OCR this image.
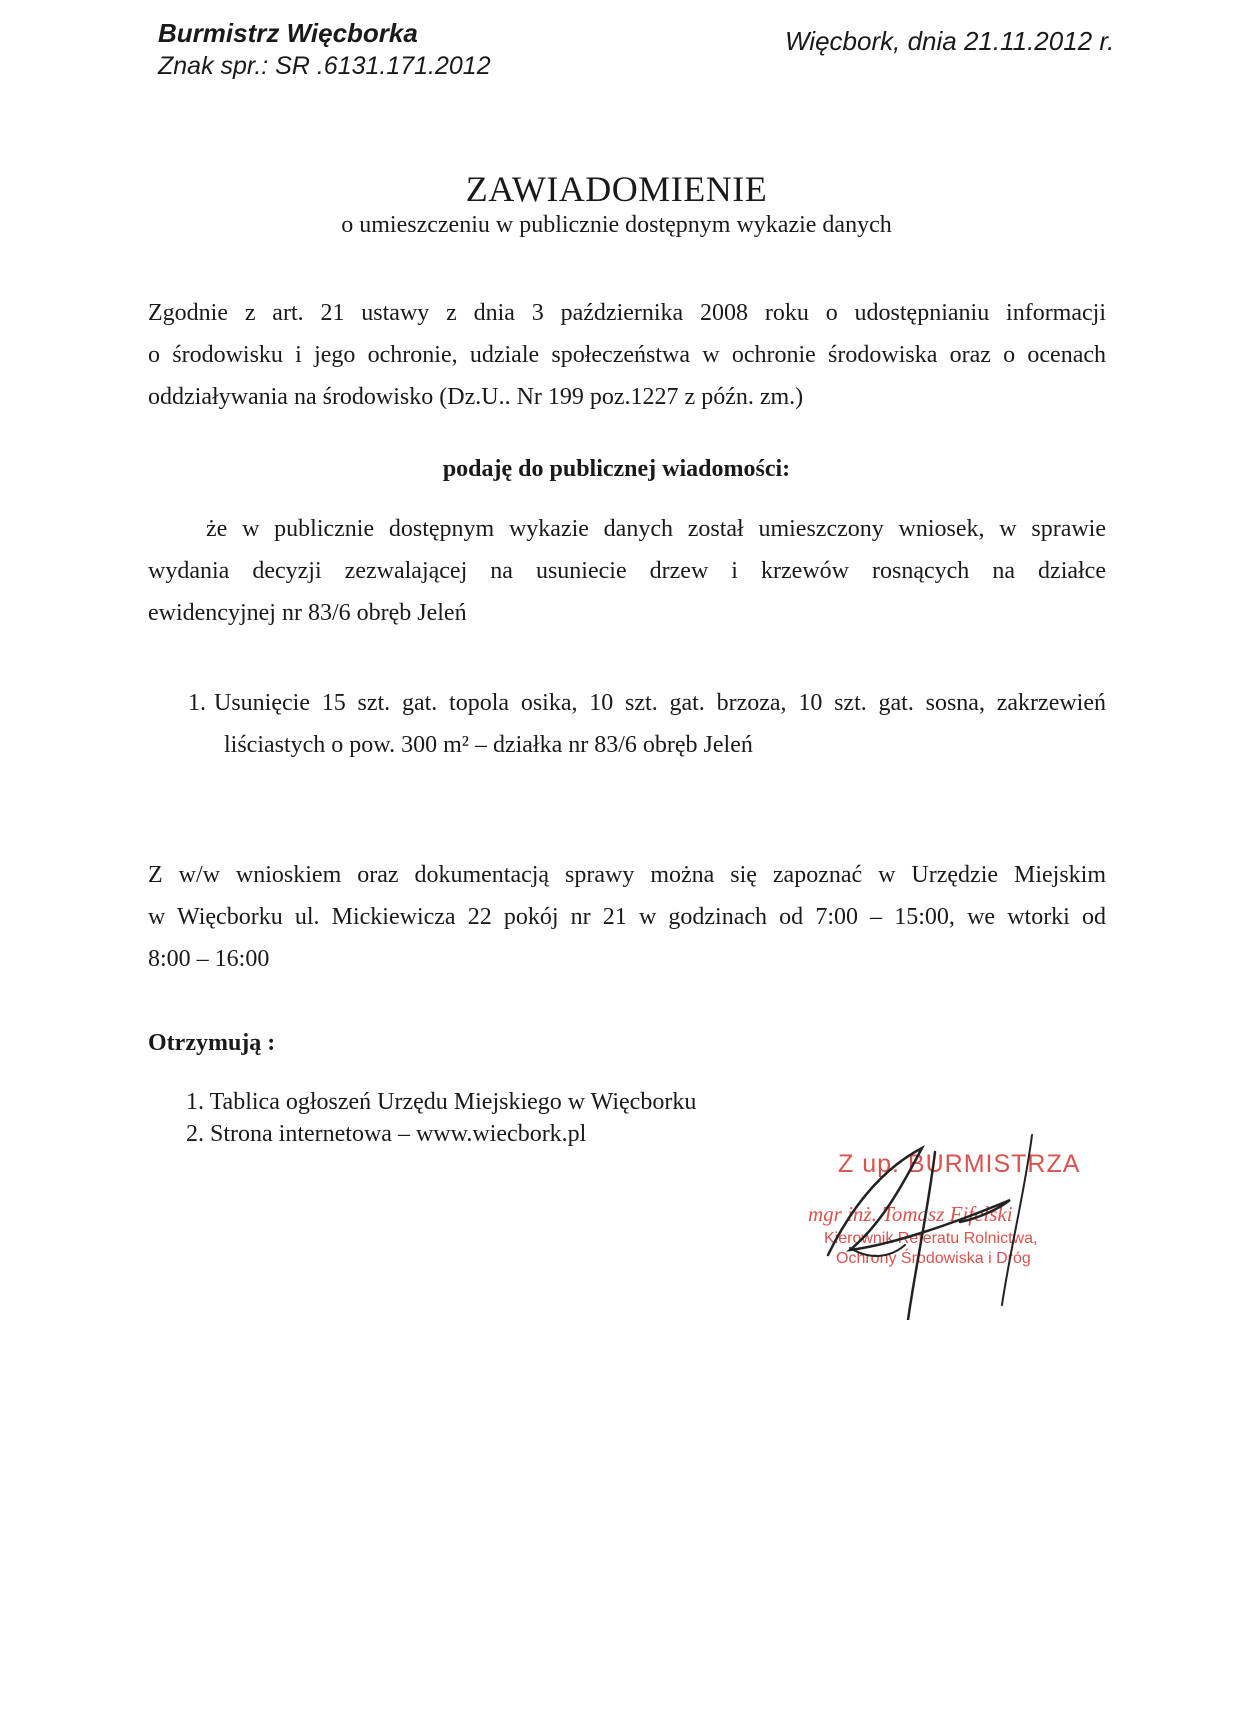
Burmistrz Więcborka
Znak spr.: SR .6131.171.2012
Więcbork, dnia 21.11.2012 r.
ZAWIADOMIENIE
o umieszczeniu w publicznie dostępnym wykazie danych
Zgodnie z art. 21 ustawy z dnia 3 października 2008 roku o udostępnianiu informacji
o środowisku i jego ochronie, udziale społeczeństwa w ochronie środowiska oraz o ocenach
oddziaływania na środowisko (Dz.U.. Nr 199 poz.1227 z późn. zm.)
podaję do publicznej wiadomości:
że w publicznie dostępnym wykazie danych został umieszczony wniosek, w sprawie
wydania decyzji zezwalającej na usuniecie drzew i krzewów rosnących na działce
ewidencyjnej nr 83/6 obręb Jeleń
1. Usunięcie 15 szt. gat. topola osika, 10 szt. gat. brzoza, 10 szt. gat. sosna, zakrzewień
liściastych o pow. 300 m² – działka nr 83/6 obręb Jeleń
Z w/w wnioskiem oraz dokumentacją sprawy można się zapoznać w Urzędzie Miejskim
w Więcborku ul. Mickiewicza 22 pokój nr 21 w godzinach od 7:00 – 15:00, we wtorki od
8:00 – 16:00
Otrzymują :
1. Tablica ogłoszeń Urzędu Miejskiego w Więcborku
2. Strona internetowa – www.wiecbork.pl
Z up. BURMISTRZA
mgr inż. Tomasz Fifelski
Kierownik Referatu Rolnictwa,
Ochrony Środowiska i Dróg
